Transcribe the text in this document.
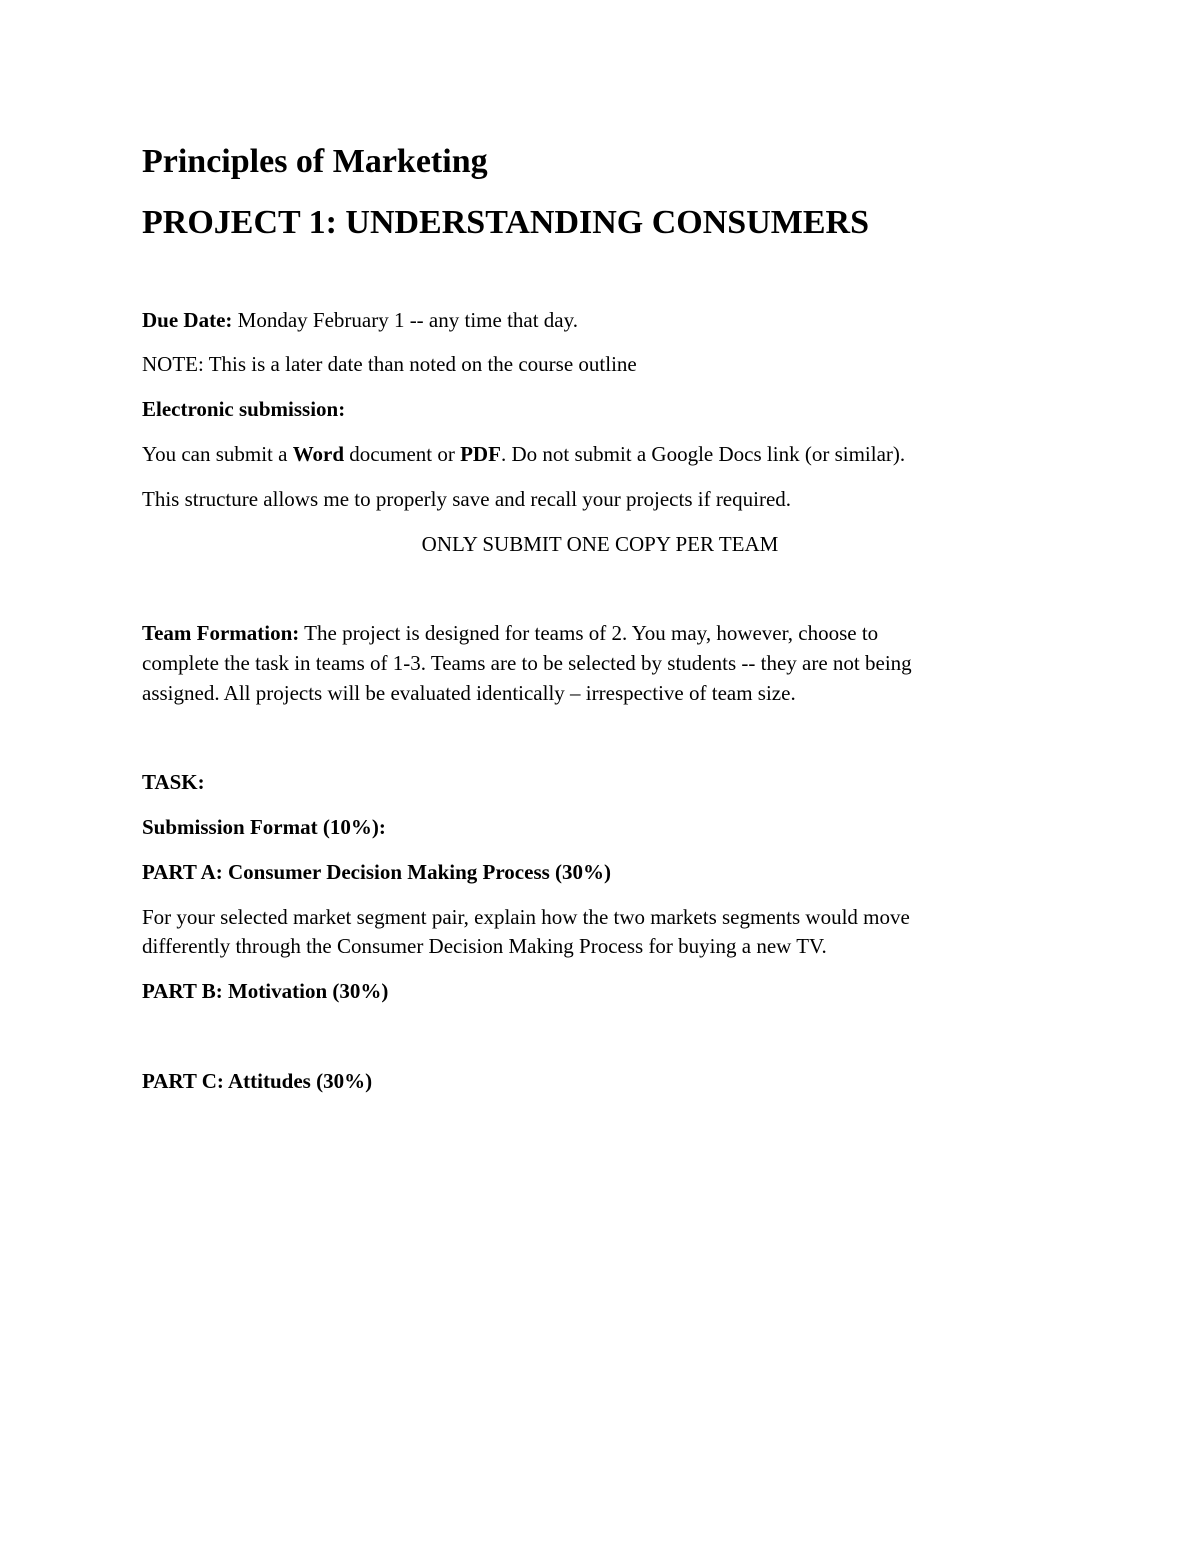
Principles of Marketing
PROJECT 1: UNDERSTANDING CONSUMERS
Due Date: Monday February 1 -- any time that day.
NOTE: This is a later date than noted on the course outline
Electronic submission:
You can submit a Word document or PDF. Do not submit a Google Docs link (or similar).
This structure allows me to properly save and recall your projects if required.
ONLY SUBMIT ONE COPY PER TEAM
Team Formation: The project is designed for teams of 2. You may, however, choose to
complete the task in teams of 1-3. Teams are to be selected by students -- they are not being
assigned. All projects will be evaluated identically – irrespective of team size.
TASK:
Submission Format (10%):
PART A: Consumer Decision Making Process (30%)
For your selected market segment pair, explain how the two markets segments would move
differently through the Consumer Decision Making Process for buying a new TV.
PART B: Motivation (30%)
PART C: Attitudes (30%)
